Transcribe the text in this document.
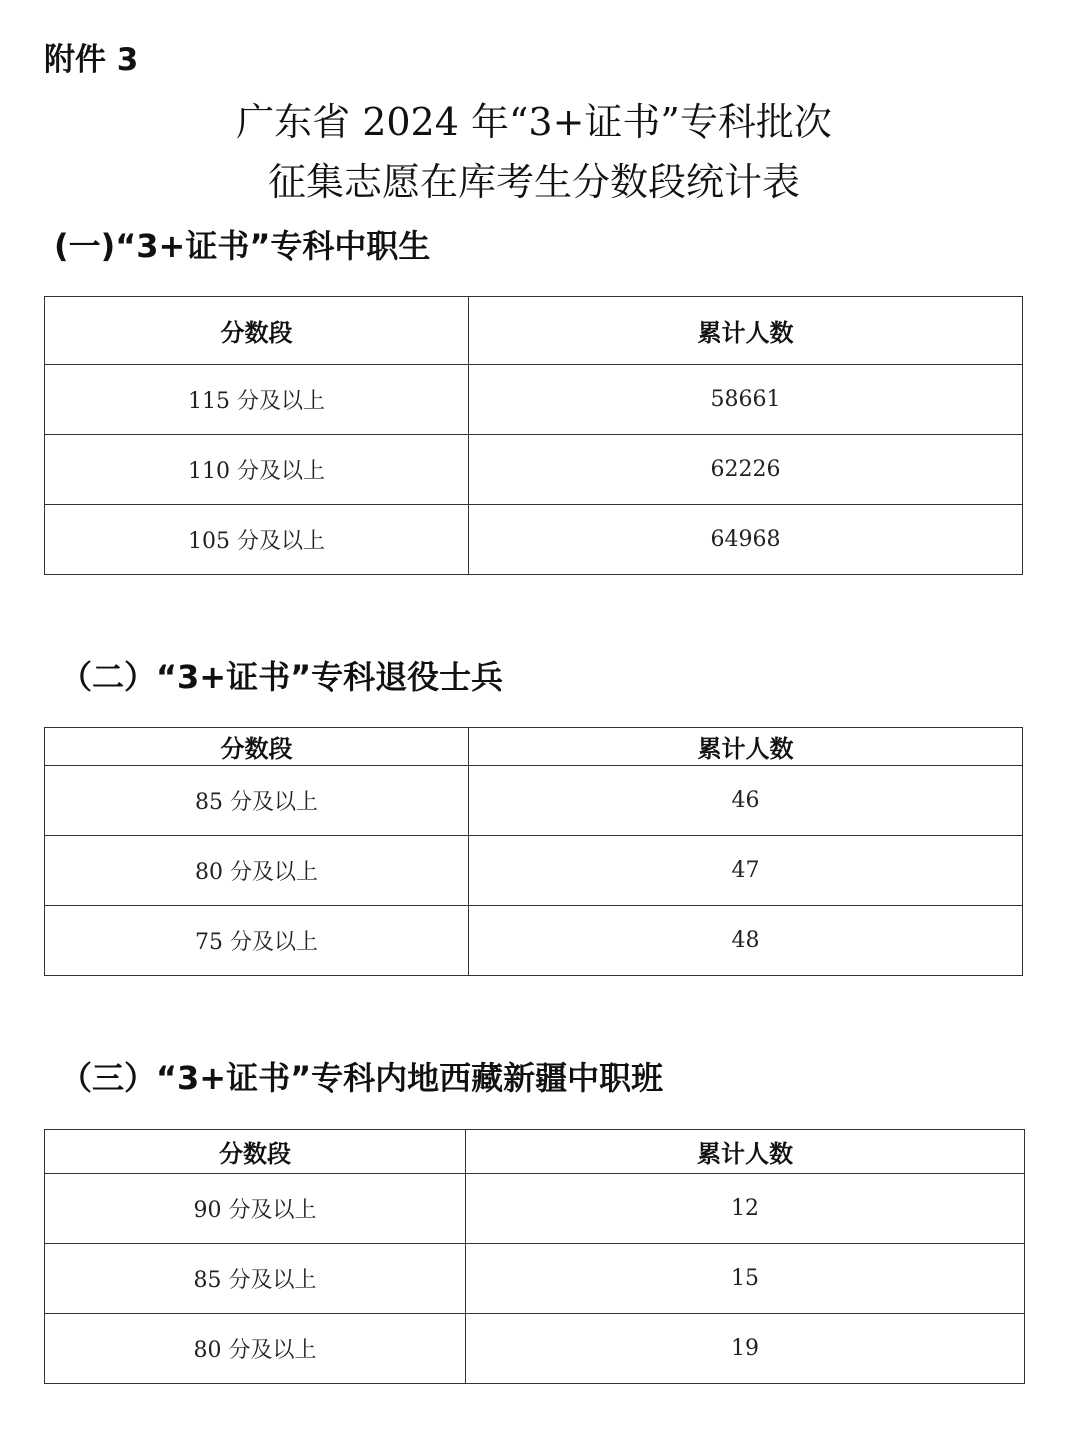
附件 3
广东省 2024 年“3+证书”专科批次
征集志愿在库考生分数段统计表
(一)“3+证书”专科中职生
分数段	累计人数
115 分及以上	58661
110 分及以上	62226
105 分及以上	64968
（二）“3+证书”专科退役士兵
分数段	累计人数
85 分及以上	46
80 分及以上	47
75 分及以上	48
（三）“3+证书”专科内地西藏新疆中职班
分数段	累计人数
90 分及以上	12
85 分及以上	15
80 分及以上	19
